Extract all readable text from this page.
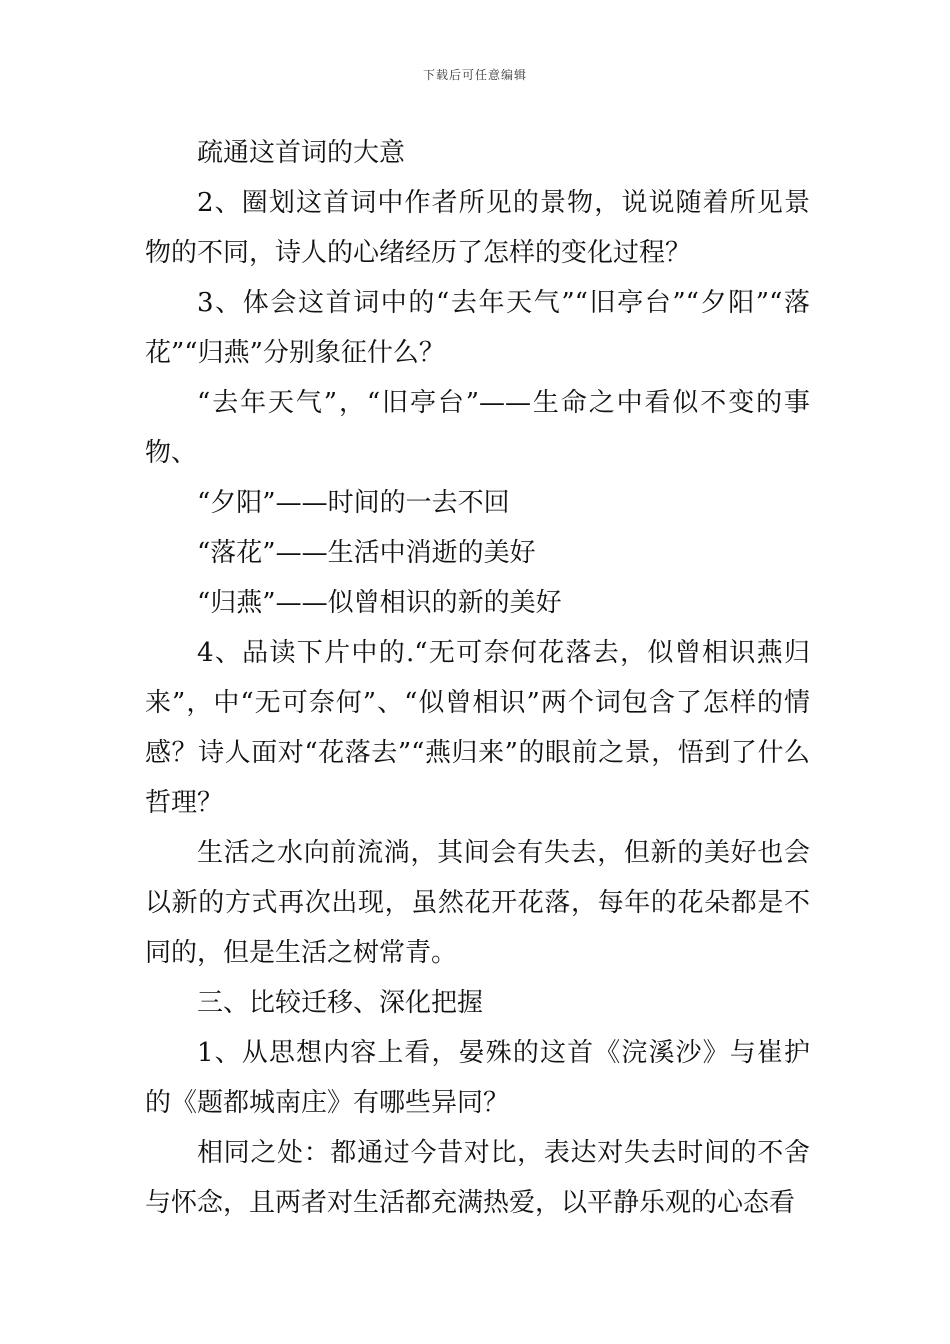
下载后可任意编辑

疏通这首词的大意

2、圈划这首词中作者所见的景物，说说随着所见景物的不同，诗人的心绪经历了怎样的变化过程？

3、体会这首词中的“去年天气”“旧亭台”“夕阳”“落花”“归燕”分别象征什么？

“去年天气”，“旧亭台”——生命之中看似不变的事物、

“夕阳”——时间的一去不回

“落花”——生活中消逝的美好

“归燕”——似曾相识的新的美好

4、品读下片中的.“无可奈何花落去，似曾相识燕归来”，中“无可奈何”、“似曾相识”两个词包含了怎样的情感？诗人面对“花落去”“燕归来”的眼前之景，悟到了什么哲理？

生活之水向前流淌，其间会有失去，但新的美好也会以新的方式再次出现，虽然花开花落，每年的花朵都是不同的，但是生活之树常青。

三、比较迁移、深化把握

1、从思想内容上看，晏殊的这首《浣溪沙》与崔护的《题都城南庄》有哪些异同？

相同之处：都通过今昔对比，表达对失去时间的不舍与怀念，且两者对生活都充满热爱，以平静乐观的心态看
